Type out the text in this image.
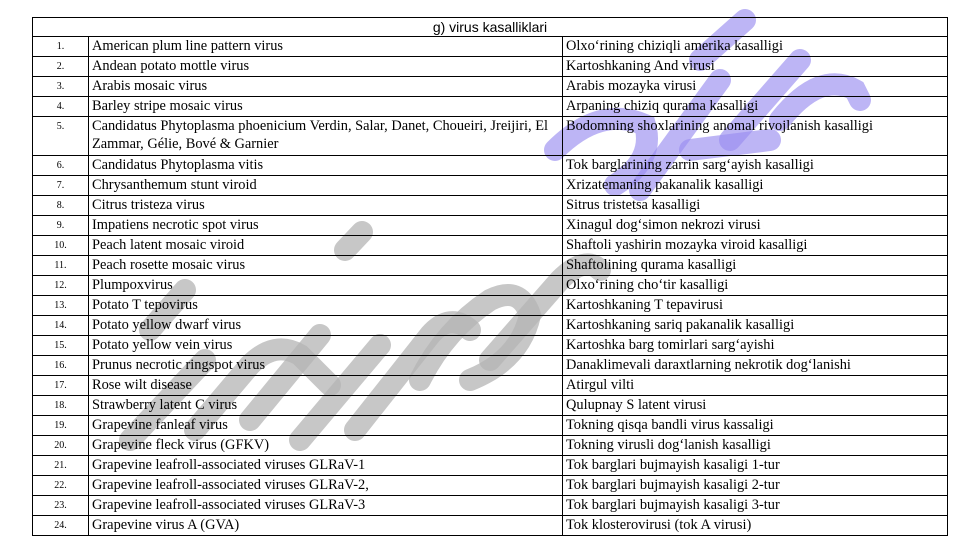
g) virus kasalliklari		
1.	American plum line pattern virus	Olxo‘rining chiziqli amerika kasalligi
2.	Andean potato mottle virus	Kartoshkaning And virusi
3.	Arabis mosaic virus	Arabis mozayka virusi
4.	Barley stripe mosaic virus	Arpaning chiziq qurama kasalligi
5.	Candidatus Phytoplasma phoenicium Verdin, Salar, Danet, Choueiri, Jreijiri, El Zammar, Gélie, Bové & Garnier	Bodomning shoxlarining anomal rivojlanish kasalligi
6.	Candidatus Phytoplasma vitis	Tok barglarining zarrin sarg‘ayish kasalligi
7.	Chrysanthemum stunt viroid	Xrizatemaning pakanalik kasalligi
8.	Citrus tristeza virus	Sitrus tristetsa kasalligi
9.	Impatiens necrotic spot virus	Xinagul dog‘simon nekrozi virusi
10.	Peach latent mosaic viroid	Shaftoli yashirin mozayka viroid kasalligi
11.	Peach rosette mosaic virus	Shaftolining qurama kasalligi
12.	Plumpoxvirus	Olxo‘rining cho‘tir kasalligi
13.	Potato T tepovirus	Kartoshkaning T tepavirusi
14.	Potato yellow dwarf virus	Kartoshkaning sariq pakanalik kasalligi
15.	Potato yellow vein virus	Kartoshka barg tomirlari sarg‘ayishi
16.	Prunus necrotic ringspot virus	Danaklimevali daraxtlarning nekrotik dog‘lanishi
17.	Rose wilt disease	Atirgul vilti
18.	Strawberry latent C virus	Qulupnay S latent virusi
19.	Grapevine fanleaf virus	Tokning qisqa bandli virus kassaligi
20.	Grapevine fleck virus (GFKV)	Tokning virusli dog‘lanish kasalligi
21.	Grapevine leafroll-associated viruses GLRaV-1	Tok barglari bujmayish kasaligi 1-tur
22.	Grapevine leafroll-associated viruses GLRaV-2,	Tok barglari bujmayish kasaligi 2-tur
23.	Grapevine leafroll-associated viruses GLRaV-3	Tok barglari bujmayish kasaligi 3-tur
24.	Grapevine virus A (GVA)	Tok klosterovirusi (tok A virusi)
